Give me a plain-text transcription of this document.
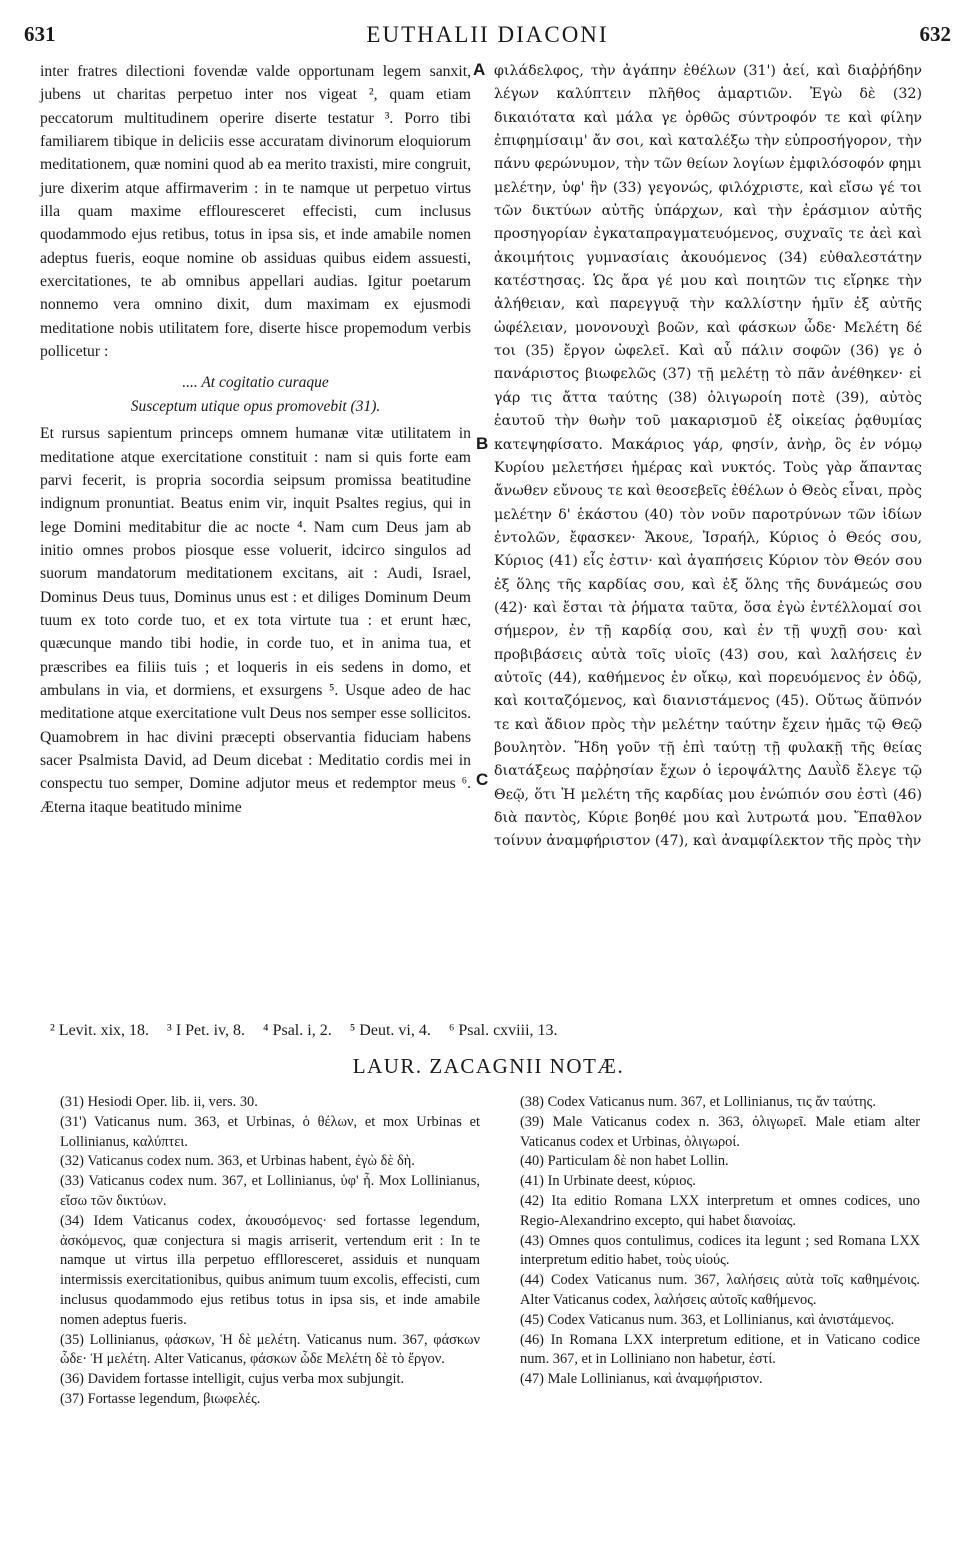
631	EUTHALII DIACONI	632

inter fratres dilectioni fovendæ valde opportunam legem sanxit, jubens ut charitas perpetuo inter nos vigeat ², quam etiam peccatorum multitudinem operire diserte testatur ³. Porro tibi familiarem tibique in deliciis esse accuratam divinorum eloquiorum meditationem, quæ nomini quod ab ea merito traxisti, mire congruit, jure dixerim atque affirmaverim : in te namque ut perpetuo virtus illa quam maxime efflouresceret effecisti, cum inclusus quodammodo ejus retibus, totus in ipsa sis, et inde amabile nomen adeptus fueris, eoque nomine ob assiduas quibus eidem assuesti, exercitationes, te ab omnibus appellari audias. Igitur poetarum nonnemo vera omnino dixit, dum maximam ex ejusmodi meditatione nobis utilitatem fore, diserte hisce propemodum verbis pollicetur :

.... At cogitatio curaque

Susceptum utique opus promovebit (31).

Et rursus sapientum princeps omnem humanæ vitæ utilitatem in meditatione atque exercitatione constituit : nam si quis forte eam parvi fecerit, is propria socordia seipsum promissa beatitudine indignum pronuntiat. Beatus enim vir, inquit Psaltes regius, qui in lege Domini meditabitur die ac nocte ⁴. Nam cum Deus jam ab initio omnes probos piosque esse voluerit, idcirco singulos ad suorum mandatorum meditationem excitans, ait : Audi, Israel, Dominus Deus tuus, Dominus unus est : et diliges Dominum Deum tuum ex toto corde tuo, et ex tota virtute tua : et erunt hæc, quæcunque mando tibi hodie, in corde tuo, et in anima tua, et præscribes ea filiis tuis ; et loqueris in eis sedens in domo, et ambulans in via, et dormiens, et exsurgens ⁵. Usque adeo de hac meditatione atque exercitatione vult Deus nos semper esse sollicitos. Quamobrem in hac divini præcepti observantia fiduciam habens sacer Psalmista David, ad Deum dicebat : Meditatio cordis mei in conspectu tuo semper, Domine adjutor meus et redemptor meus ⁶. Æterna itaque beatitudo minime

A
B
C

φιλάδελφος, τὴν ἀγάπην ἐθέλων (31') ἀεί, καὶ διαῤῥήδην λέγων καλύπτειν πλῆθος ἁμαρτιῶν. Ἐγὼ δὲ (32) δικαιότατα καὶ μάλα γε ὀρθῶς σύντροφόν τε καὶ φίλην ἐπιφημίσαιμ' ἄν σοι, καὶ καταλέξω τὴν εὐπροσήγορον, τὴν πάνυ φερώνυμον, τὴν τῶν θείων λογίων ἐμφιλόσοφόν φημι μελέτην, ὑφ' ἣν (33) γεγονώς, φιλόχριστε, καὶ εἴσω γέ τοι τῶν δικτύων αὐτῆς ὑπάρχων, καὶ τὴν ἐράσμιον αὐτῆς προσηγορίαν ἐγκαταπραγματευόμενος, συχναῖς τε ἀεὶ καὶ ἀκοιμήτοις γυμνασίαις ἀκουόμενος (34) εὐθαλεστάτην κατέστησας. Ὡς ἄρα γέ μου καὶ ποιητῶν τις εἴρηκε τὴν ἀλήθειαν, καὶ παρεγγυᾷ τὴν καλλίστην ἡμῖν ἐξ αὐτῆς ὠφέλειαν, μονονουχὶ βοῶν, καὶ φάσκων ὧδε· Μελέτη δέ τοι (35) ἔργον ὠφελεῖ. Καὶ αὖ πάλιν σοφῶν (36) γε ὁ πανάριστος βιωφελῶς (37) τῇ μελέτῃ τὸ πᾶν ἀνέθηκεν· εἰ γάρ τις ἄττα ταύτης (38) ὀλιγωροίη ποτὲ (39), αὐτὸς ἑαυτοῦ τὴν θωὴν τοῦ μακαρισμοῦ ἐξ οἰκείας ῥᾳθυμίας κατεψηφίσατο. Μακάριος γάρ, φησίν, ἀνὴρ, ὃς ἐν νόμῳ Κυρίου μελετήσει ἡμέρας καὶ νυκτός. Τοὺς γὰρ ἅπαντας ἄνωθεν εὔνους τε καὶ θεοσεβεῖς ἐθέλων ὁ Θεὸς εἶναι, πρὸς μελέτην δ' ἑκάστου (40) τὸν νοῦν παροτρύνων τῶν ἰδίων ἐντολῶν, ἔφασκεν· Ἄκουε, Ἰσραήλ, Κύριος ὁ Θεός σου, Κύριος (41) εἷς ἐστιν· καὶ ἀγαπήσεις Κύριον τὸν Θεόν σου ἐξ ὅλης τῆς καρδίας σου, καὶ ἐξ ὅλης τῆς δυνάμεώς σου (42)· καὶ ἔσται τὰ ῥήματα ταῦτα, ὅσα ἐγὼ ἐντέλλομαί σοι σήμερον, ἐν τῇ καρδίᾳ σου, καὶ ἐν τῇ ψυχῇ σου· καὶ προβιβάσεις αὐτὰ τοῖς υἱοῖς (43) σου, καὶ λαλήσεις ἐν αὐτοῖς (44), καθήμενος ἐν οἴκῳ, καὶ πορευόμενος ἐν ὁδῷ, καὶ κοιταζόμενος, καὶ διανιστάμενος (45). Οὕτως ἄϋπνόν τε καὶ ἄδιον πρὸς τὴν μελέτην ταύτην ἔχειν ἡμᾶς τῷ Θεῷ βουλητὸν. Ἤδη γοῦν τῇ ἐπὶ ταύτῃ τῇ φυλακῇ τῆς θείας διατάξεως παῤῥησίαν ἔχων ὁ ἱεροψάλτης Δαυῒδ ἔλεγε τῷ Θεῷ, ὅτι Ἡ μελέτη τῆς καρδίας μου ἐνώπιόν σου ἐστὶ (46) διὰ παντὸς, Κύριε βοηθέ μου καὶ λυτρωτά μου. Ἔπαθλον τοίνυν ἀναμφήριστον (47), καὶ ἀναμφίλεκτον τῆς πρὸς τὴν

² Levit. xix, 18. ³ I Pet. iv, 8. ⁴ Psal. i, 2. ⁵ Deut. vi, 4. ⁶ Psal. cxviii, 13.
LAUR. ZACAGNII NOTÆ.

(31) Hesiodi Oper. lib. ii, vers. 30.

(31') Vaticanus num. 363, et Urbinas, ὁ θέλων, et mox Urbinas et Lollinianus, καλύπτει.

(32) Vaticanus codex num. 363, et Urbinas habent, ἐγὼ δὲ δὴ.

(33) Vaticanus codex num. 367, et Lollinianus, ὑφ' ἧ. Mox Lollinianus, εἴσω τῶν δικτύων.

(34) Idem Vaticanus codex, ἀκουσόμενος· sed fortasse legendum, ἀσκόμενος, quæ conjectura si magis arriserit, vertendum erit : In te namque ut virtus illa perpetuo efflloresceret, assiduis et nunquam intermissis exercitationibus, quibus animum tuum excolis, effecisti, cum inclusus quodammodo ejus retibus totus in ipsa sis, et inde amabile nomen adeptus fueris.

(35) Lollinianus, φάσκων, Ἡ δὲ μελέτη. Vaticanus num. 367, φάσκων ὧδε· Ἡ μελέτη. Alter Vaticanus, φάσκων ὧδε Μελέτη δὲ τὸ ἔργον.

(36) Davidem fortasse intelligit, cujus verba mox subjungit.

(37) Fortasse legendum, βιωφελές.

(38) Codex Vaticanus num. 367, et Lollinianus, τις ἄν ταύτης.

(39) Male Vaticanus codex n. 363, ὀλιγωρεῖ. Male etiam alter Vaticanus codex et Urbinas, ὀλιγωροί.

(40) Particulam δὲ non habet Lollin.

(41) In Urbinate deest, κύριος.

(42) Ita editio Romana LXX interpretum et omnes codices, uno Regio-Alexandrino excepto, qui habet διανοίας.

(43) Omnes quos contulimus, codices ita legunt ; sed Romana LXX interpretum editio habet, τοὺς υἱούς.

(44) Codex Vaticanus num. 367, λαλήσεις αὐτὰ τοῖς καθημένοις. Alter Vaticanus codex, λαλήσεις αὐτοῖς καθήμενος.

(45) Codex Vaticanus num. 363, et Lollinianus, καὶ ἀνιστάμενος.

(46) In Romana LXX interpretum editione, et in Vaticano codice num. 367, et in Lolliniano non habetur, ἐστί.

(47) Male Lollinianus, καὶ ἀναμφήριστον.
